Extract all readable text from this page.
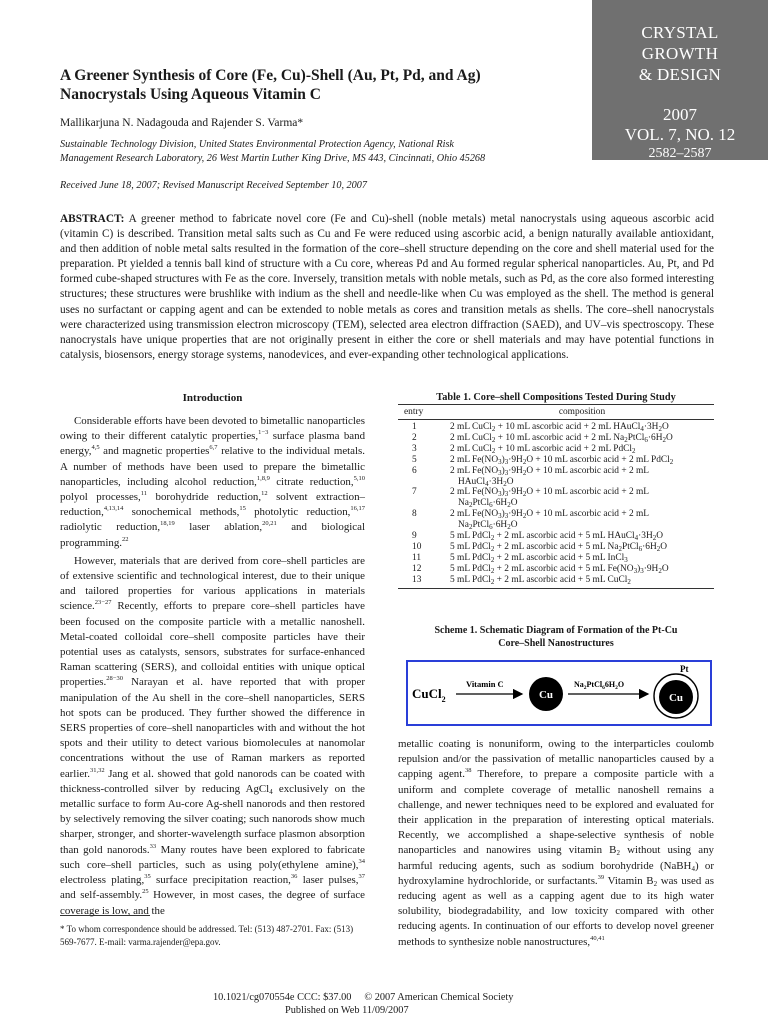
CRYSTAL
GROWTH
& DESIGN
2007
VOL. 7, NO. 12
2582–2587
A Greener Synthesis of Core (Fe, Cu)-Shell (Au, Pt, Pd, and Ag)
Nanocrystals Using Aqueous Vitamin C
Mallikarjuna N. Nadagouda and Rajender S. Varma*
Sustainable Technology Division, United States Environmental Protection Agency, National Risk
Management Research Laboratory, 26 West Martin Luther King Drive, MS 443, Cincinnati, Ohio 45268
Received June 18, 2007; Revised Manuscript Received September 10, 2007
ABSTRACT: A greener method to fabricate novel core (Fe and Cu)-shell (noble metals) metal nanocrystals using aqueous ascorbic acid (vitamin C) is described. Transition metal salts such as Cu and Fe were reduced using ascorbic acid, a benign naturally available antioxidant, and then addition of noble metal salts resulted in the formation of the core–shell structure depending on the core and shell material used for the preparation. Pt yielded a tennis ball kind of structure with a Cu core, whereas Pd and Au formed regular spherical nanoparticles. Au, Pt, and Pd formed cube-shaped structures with Fe as the core. Inversely, transition metals with noble metals, such as Pd, as the core also formed interesting structures; these structures were brushlike with indium as the shell and needle-like when Cu was employed as the shell. The method is general uses no surfactant or capping agent and can be extended to noble metals as cores and transition metals as shells. The core–shell nanocrystals were characterized using transmission electron microscopy (TEM), selected area electron diffraction (SAED), and UV–vis spectroscopy. These nanocrystals have unique properties that are not originally present in either the core or shell materials and may have potential functions in catalysis, biosensors, energy storage systems, nanodevices, and ever-expanding other technological applications.
Introduction

Considerable efforts have been devoted to bimetallic nanoparticles owing to their different catalytic properties,$^{1-3}$ surface plasma band energy,$^{4,5}$ and magnetic properties$^{6,7}$ relative to the individual metals. A number of methods have been used to prepare the bimetallic nanoparticles, including alcohol reduction,$^{1,8,9}$ citrate reduction,$^{5,10}$ polyol processes,$^{11}$ borohydride reduction,$^{12}$ solvent extraction– reduction,$^{4,13,14}$ sonochemical methods,$^{15}$ photolytic reduction,$^{16,17}$ radiolytic reduction,$^{18,19}$ laser ablation,$^{20,21}$ and biological programming.$^{22}$

However, materials that are derived from core–shell particles are of extensive scientific and technological interest, due to their unique and tailored properties for various applications in materials science.$^{23-27}$ Recently, efforts to prepare core–shell particles have been focused on the composite particle with a metallic nanoshell. Metal-coated colloidal core–shell composite particles have their potential uses as catalysts, sensors, substrates for surface-enhanced Raman scattering (SERS), and colloidal entities with unique optical properties.$^{28-30}$ Narayan et al. have reported that with proper manipulation of the Au shell in the core–shell nanoparticles, SERS hot spots can be produced. They further showed the difference in SERS properties of core–shell nanoparticles with and without the hot spots and their utility to detect various biomolecules at nanomolar concentrations without the use of Raman markers as reported earlier.$^{31,32}$ Jang et al. showed that gold nanorods can be coated with thickness-controlled silver by reducing AgCl$_4$ exclusively on the metallic surface to form Au-core Ag-shell nanorods and then restored by selectively removing the silver coating; such nanorods show much sharper, stronger, and shorter-wavelength surface plasmon absorption than gold nanorods.$^{33}$ Many routes have been explored to fabricate such core–shell particles, such as using poly(ethylene amine),$^{34}$ electroless plating,$^{35}$ surface precipitation reaction,$^{36}$ laser pulses,$^{37}$ and self-assembly.$^{25}$ However, in most cases, the degree of surface coverage is low, and the

* To whom correspondence should be addressed. Tel: (513) 487-2701. Fax: (513) 569-7677. E-mail: varma.rajender@epa.gov.
Table 1. Core–shell Compositions Tested During Study
entry	composition
1	2 mL CuCl$_2$ + 10 mL ascorbic acid + 2 mL $HAuCl_4\cdot 3H_2O$
2	2 mL CuCl$_2$ + 10 mL ascorbic acid + 2 mL $Na_2PtCl_6\cdot 6H_2O$
3	2 mL CuCl$_2$ + 10 mL ascorbic acid + 2 mL PdCl$_2$
5	2 mL $Fe(NO_3)_3\cdot 9H_2O + 10$ mL ascorbic acid + 2 mL PdCl$_2$
6	2 mL $Fe(NO_3)_3\cdot 9H_2O + 10$ mL ascorbic acid + 2 mL
$HAuCl_4\cdot 3H_2O$

7	2 mL $Fe(NO_3)_3\cdot 9H_2O + 10$ mL ascorbic acid + 2 mL
$Na_2PtCl_6\cdot 6H_2O$

8	2 mL $Fe(NO_3)_3\cdot 9H_2O + 10$ mL ascorbic acid + 2 mL
$Na_2PtCl_6\cdot 6H_2O$

9	5 mL PdCl$_2$ + 2 mL ascorbic acid + 5 mL $HAuCl_4\cdot 3H_2O$
10	5 mL PdCl$_2$ + 2 mL ascorbic acid + 5 mL $Na_2PtCl_6\cdot 6H_2O$
11	5 mL PdCl$_2$ + 2 mL ascorbic acid + 5 mL InCl$_3$
12	5 mL PdCl$_2$ + 2 mL ascorbic acid + 5 mL $Fe(NO_3)_3\cdot 9H_2O$
13	5 mL PdCl$_2$ + 2 mL ascorbic acid + 5 mL CuCl$_2$
Scheme 1. Schematic Diagram of Formation of the Pt-Cu
Core–Shell Nanostructures
CuCl$_2$
Vitamin C
Cu
$Na_2PtCl_66H_2O$
Cu
Pt

metallic coating is nonuniform, owing to the interparticles coulomb repulsion and/or the passivation of metallic nanoparticles caused by a capping agent.$^{38}$ Therefore, to prepare a composite particle with a uniform and complete coverage of metallic nanoshell remains a challenge, and newer techniques need to be explored and evaluated for their application in the preparation of interesting optical materials. Recently, we accomplished a shape-selective synthesis of noble nanoparticles and nanowires using vitamin $B_2$ without using any harmful reducing agents, such as sodium borohydride (NaBH$_4$) or hydroxylamine hydrochloride, or surfactants.$^{39}$ Vitamin $B_2$ was used as reducing agent as well as a capping agent due to its high water solubility, biodegradability, and low toxicity compared with other reducing agents. In continuation of our efforts to develop novel greener methods to synthesize noble nanostructures,$^{40,41}$

10.1021/cg070554e CCC: $37.00 © 2007 American Chemical Society
Published on Web 11/09/2007
